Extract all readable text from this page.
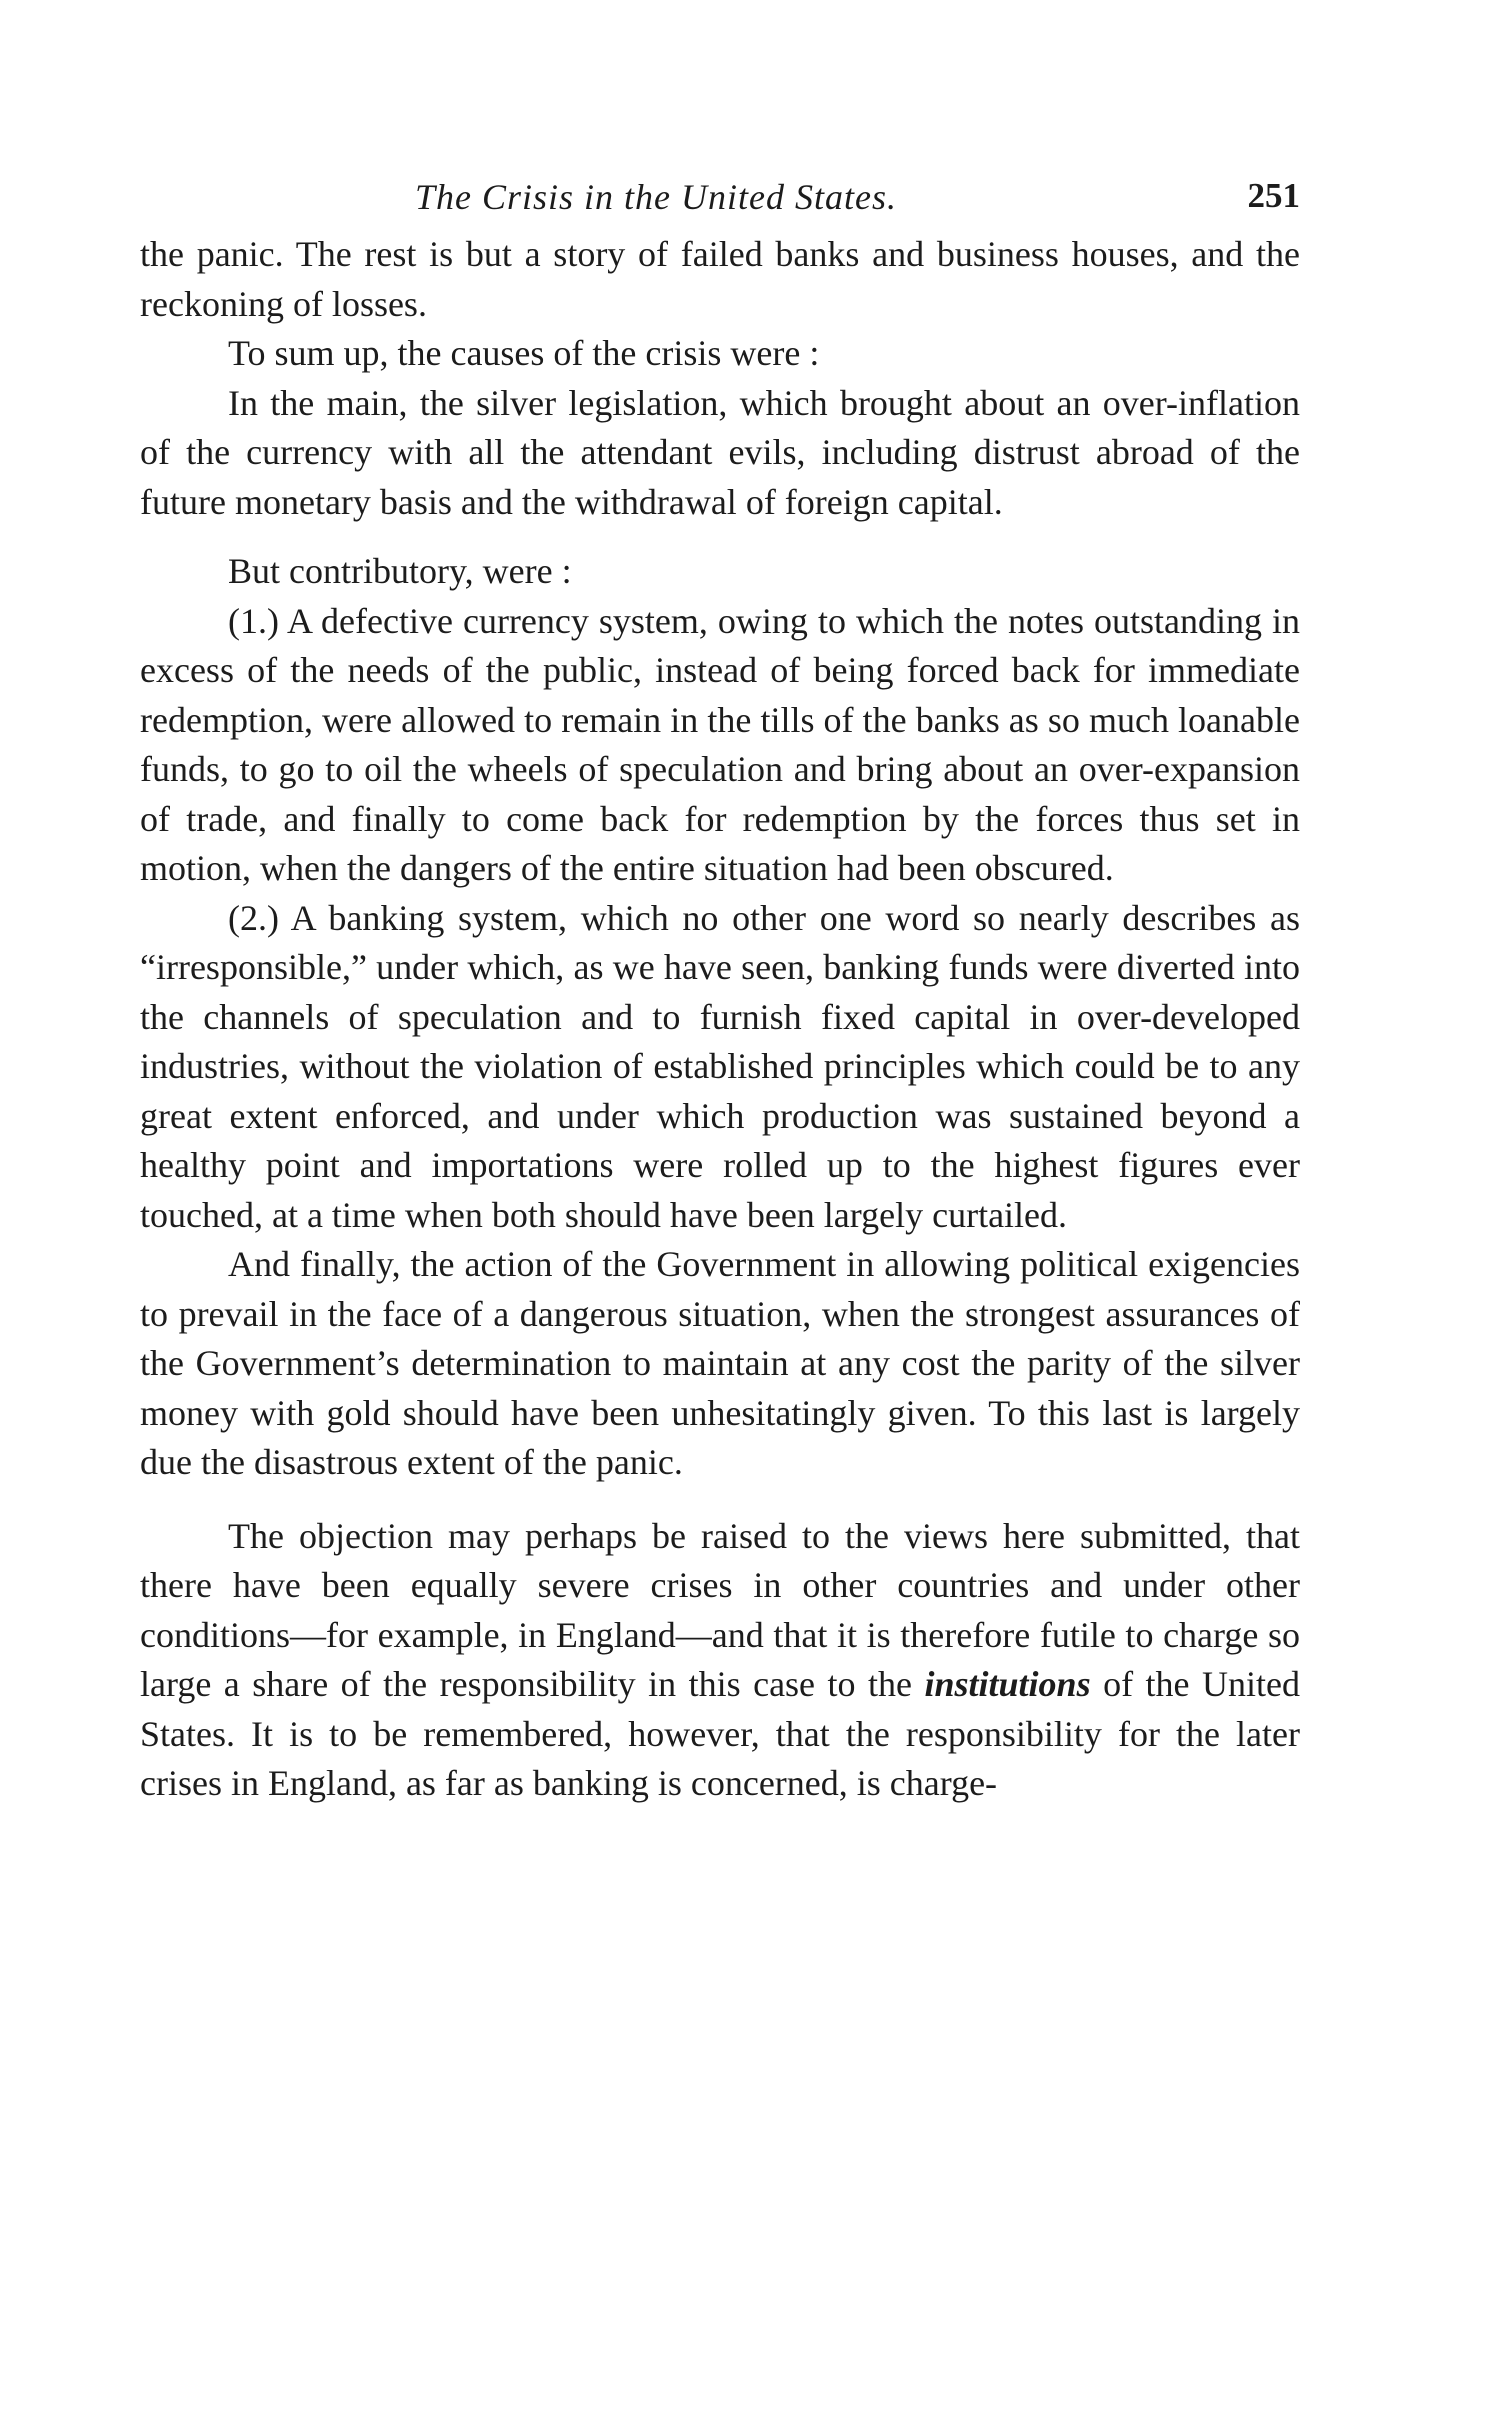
The Crisis in the United States.	251

the panic. The rest is but a story of failed banks and business houses, and the reckoning of losses.

To sum up, the causes of the crisis were :

In the main, the silver legislation, which brought about an over-inflation of the currency with all the attendant evils, including distrust abroad of the future monetary basis and the withdrawal of foreign capital.

But contributory, were :

(1.) A defective currency system, owing to which the notes outstanding in excess of the needs of the public, instead of being forced back for immediate redemption, were allowed to remain in the tills of the banks as so much loanable funds, to go to oil the wheels of speculation and bring about an over-expansion of trade, and finally to come back for redemption by the forces thus set in motion, when the dangers of the entire situation had been obscured.

(2.) A banking system, which no other one word so nearly describes as “irresponsible,” under which, as we have seen, banking funds were diverted into the channels of speculation and to furnish fixed capital in over-developed industries, without the violation of established principles which could be to any great extent enforced, and under which production was sustained beyond a healthy point and importations were rolled up to the highest figures ever touched, at a time when both should have been largely curtailed.

And finally, the action of the Government in allowing political exigencies to prevail in the face of a dangerous situation, when the strongest assurances of the Government’s determination to maintain at any cost the parity of the silver money with gold should have been unhesitatingly given. To this last is largely due the disastrous extent of the panic.

The objection may perhaps be raised to the views here submitted, that there have been equally severe crises in other countries and under other conditions—for example, in England—and that it is therefore futile to charge so large a share of the responsibility in this case to the institutions of the United States. It is to be remembered, however, that the responsibility for the later crises in England, as far as banking is concerned, is charge-
